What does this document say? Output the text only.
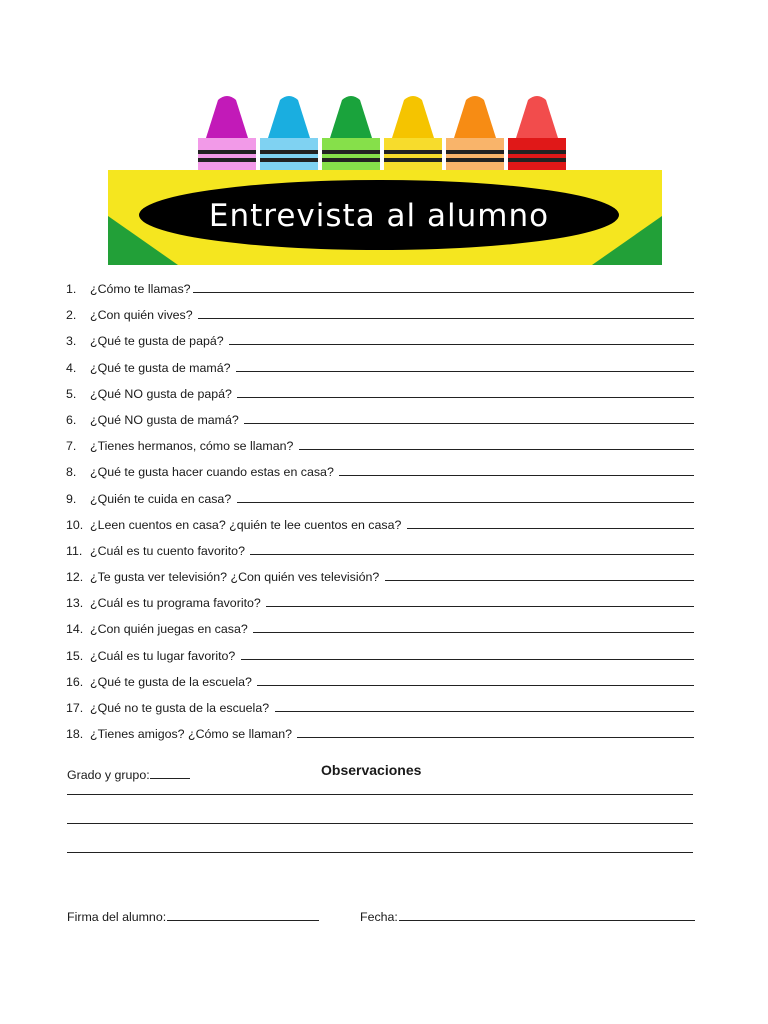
Entrevista al alumno
1.	¿Cómo te llamas?
2.	¿Con quién vives?
3.	¿Qué te gusta de papá?
4.	¿Qué te gusta de mamá?
5.	¿Qué NO gusta de papá?
6.	¿Qué NO gusta de mamá?
7.	¿Tienes hermanos, cómo se llaman?
8.	¿Qué te gusta hacer cuando estas en casa?
9.	¿Quién te cuida en casa?
10. ¿Leen cuentos en casa? ¿quién te lee cuentos en casa?
11. ¿Cuál es tu cuento favorito?
12. ¿Te gusta ver televisión? ¿Con quién ves televisión?
13. ¿Cuál es tu programa favorito?
14. ¿Con quién juegas en casa?
15. ¿Cuál es tu lugar favorito?
16. ¿Qué te gusta de la escuela?
17. ¿Qué no te gusta de la escuela?
18. ¿Tienes amigos? ¿Cómo se llaman?
Grado y grupo:	Observaciones
Firma del alumno:	Fecha:
